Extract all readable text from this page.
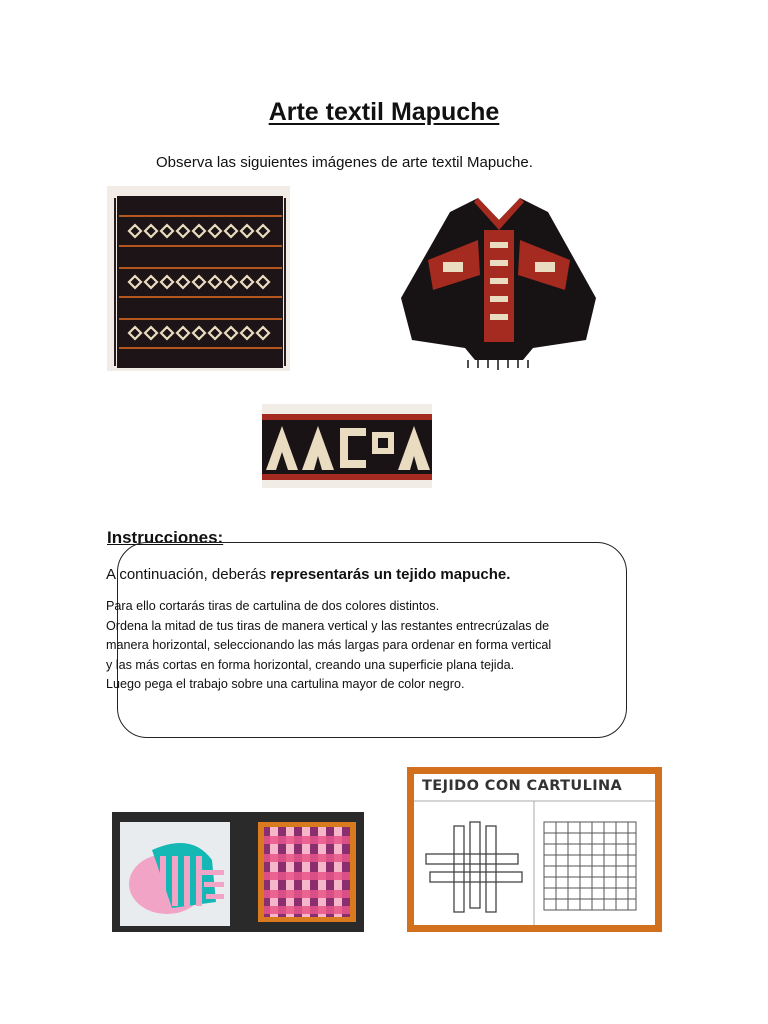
Arte textil Mapuche
Observa las siguientes imágenes de arte textil Mapuche.
Instrucciones:
A continuación, deberás representarás un tejido mapuche.
Para ello cortarás tiras de cartulina de dos colores distintos.
Ordena la mitad de tus tiras de manera vertical y las restantes entrecrúzalas de
manera horizontal, seleccionando las más largas para ordenar en forma vertical
y las más cortas en forma horizontal, creando una superficie plana tejida.
Luego pega el trabajo sobre una cartulina mayor de color negro.
TEJIDO CON CARTULINA
